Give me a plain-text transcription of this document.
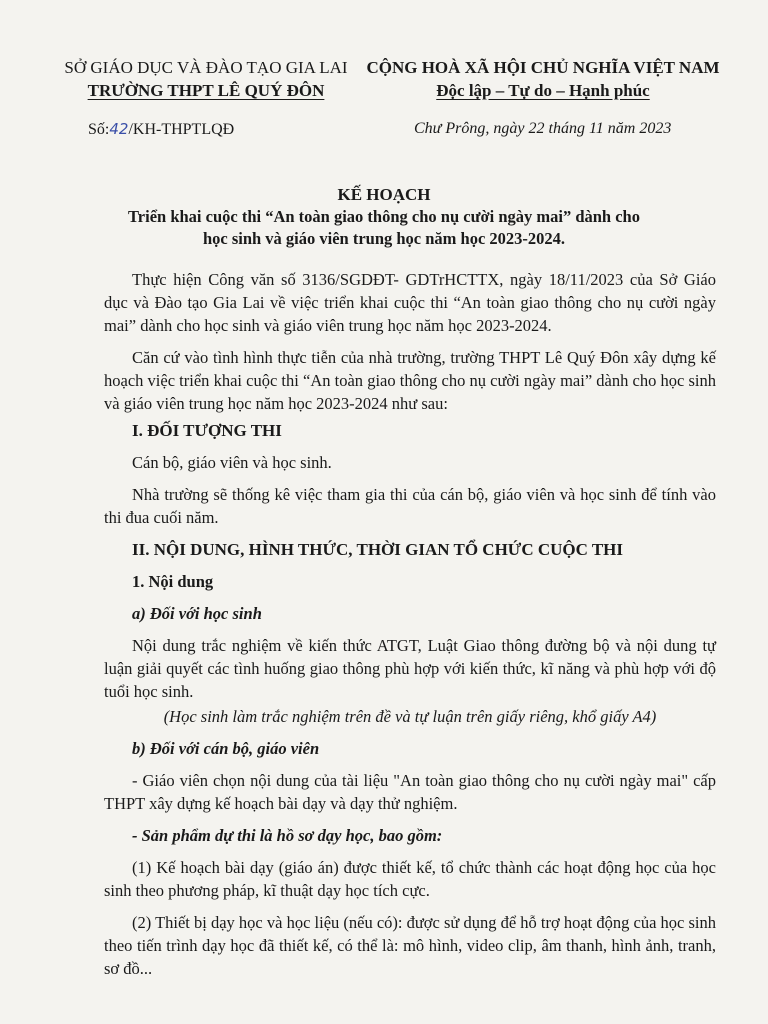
SỞ GIÁO DỤC VÀ ĐÀO TẠO GIA LAI
TRƯỜNG THPT LÊ QUÝ ĐÔN
CỘNG HOÀ XÃ HỘI CHỦ NGHĨA VIỆT NAM
Độc lập – Tự do – Hạnh phúc
Số:42/KH-THPTLQĐ	Chư Prông, ngày 22 tháng 11 năm 2023
KẾ HOẠCH
Triển khai cuộc thi “An toàn giao thông cho nụ cười ngày mai” dành cho
học sinh và giáo viên trung học năm học 2023-2024.

Thực hiện Công văn số 3136/SGDĐT- GDTrHCTTX, ngày 18/11/2023 của Sở Giáo dục và Đào tạo Gia Lai về việc triển khai cuộc thi “An toàn giao thông cho nụ cười ngày mai” dành cho học sinh và giáo viên trung học năm học 2023-2024.

Căn cứ vào tình hình thực tiễn của nhà trường, trường THPT Lê Quý Đôn xây dựng kế hoạch việc triển khai cuộc thi “An toàn giao thông cho nụ cười ngày mai” dành cho học sinh và giáo viên trung học năm học 2023-2024 như sau:

I. ĐỐI TƯỢNG THI

Cán bộ, giáo viên và học sinh.

Nhà trường sẽ thống kê việc tham gia thi của cán bộ, giáo viên và học sinh để tính vào thi đua cuối năm.

II. NỘI DUNG, HÌNH THỨC, THỜI GIAN TỔ CHỨC CUỘC THI
1. Nội dung
a) Đối với học sinh

Nội dung trắc nghiệm về kiến thức ATGT, Luật Giao thông đường bộ và nội dung tự luận giải quyết các tình huống giao thông phù hợp với kiến thức, kĩ năng và phù hợp với độ tuổi học sinh.

(Học sinh làm trắc nghiệm trên đề và tự luận trên giấy riêng, khổ giấy A4)
b) Đối với cán bộ, giáo viên

- Giáo viên chọn nội dung của tài liệu "An toàn giao thông cho nụ cười ngày mai" cấp THPT xây dựng kế hoạch bài dạy và dạy thử nghiệm.

- Sản phẩm dự thi là hồ sơ dạy học, bao gồm:

(1) Kế hoạch bài dạy (giáo án) được thiết kế, tổ chức thành các hoạt động học của học sinh theo phương pháp, kĩ thuật dạy học tích cực.

(2) Thiết bị dạy học và học liệu (nếu có): được sử dụng để hỗ trợ hoạt động của học sinh theo tiến trình dạy học đã thiết kế, có thể là: mô hình, video clip, âm thanh, hình ảnh, tranh, sơ đồ...
